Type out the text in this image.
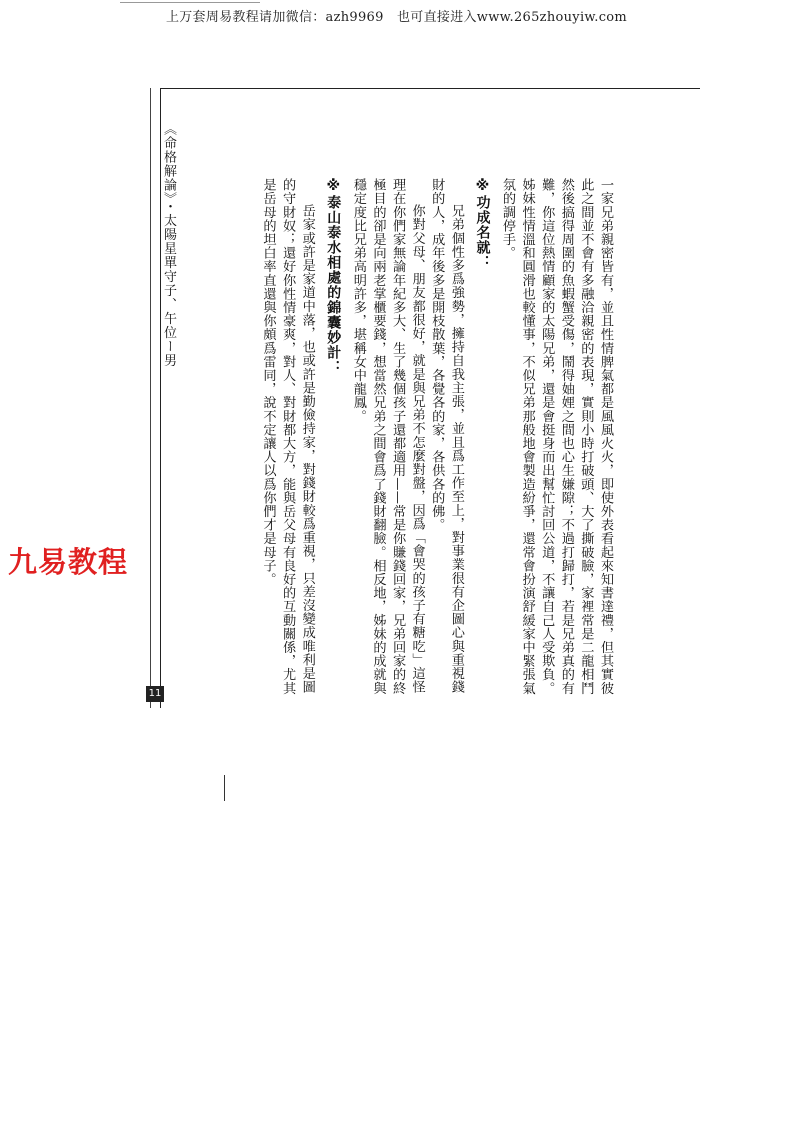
上万套周易教程请加微信：azh9969　也可直接进入www.265zhouyiw.com
《命格解論》・太陽星單守子、午位ー男
11
九易教程	一家兄弟親密皆有，並且性情脾氣都是風風火火，即使外表看起來知書達禮，但其實彼此之間並不會有多融洽親密的表現，實則小時打破頭、大了撕破臉，家裡常是二龍相鬥然後搞得周圍的魚蝦蟹受傷，鬧得妯娌之間也心生嫌隙；不過打歸打，若是兄弟真的有難，你這位熱情顧家的太陽兄弟，還是會挺身而出幫忙討回公道，不讓自己人受欺負。姊妹性情溫和圓滑也較懂事，不似兄弟那般地會製造紛爭，還常會扮演舒緩家中緊張氣氛的調停手。

※功成名就：

兄弟個性多爲強勢，擁持自我主張，並且爲工作至上，對事業很有企圖心與重視錢財的人，成年後多是開枝散葉，各覺各的家，各供各的佛。

你對父母、朋友都很好，就是與兄弟不怎麼對盤，因爲「會哭的孩子有糖吃」這怪理在你們家無論年紀多大、生了幾個孩子還都適用——常是你賺錢回家，兄弟回家的終極目的卻是向兩老掌櫃要錢，想當然兄弟之間會爲了錢財翻臉。相反地，姊妹的成就與穩定度比兄弟高明許多，堪稱女中龍鳳。

※泰山泰水相處的錦囊妙計：

岳家或許是家道中落，也或許是勤儉持家，對錢財較爲重視，只差沒變成唯利是圖的守財奴；還好你性情豪爽，對人、對財都大方，能與岳父母有良好的互動關係，尤其是岳母的坦白率直還與你頗爲雷同，說不定讓人以爲你們才是母子。
